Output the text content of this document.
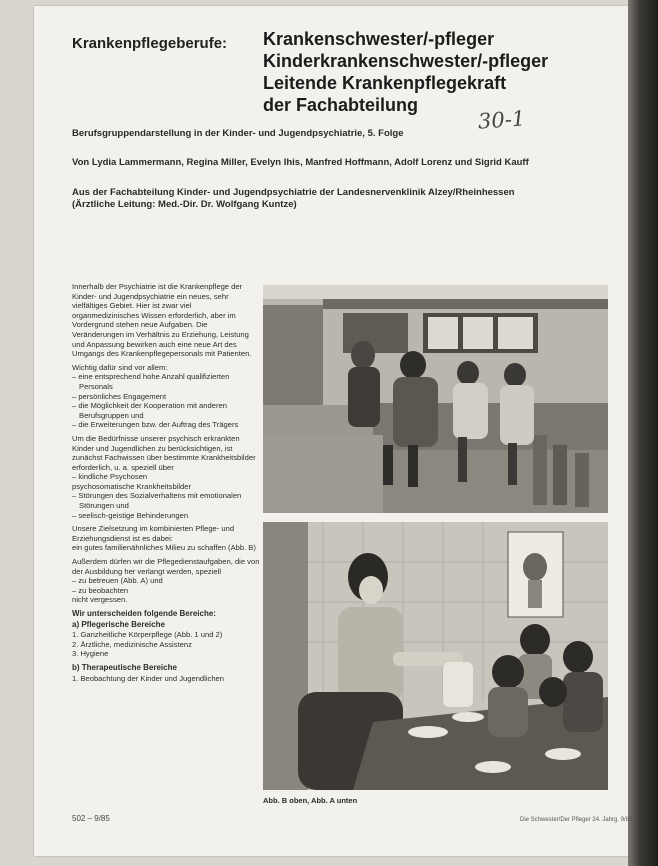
Krankenpflegeberufe: Krankenschwester/-pfleger
Kinderkrankenschwester/-pfleger
Leitende Krankenpflegekraft
der Fachabteilung
30-1
Berufsgruppendarstellung in der Kinder- und Jugendpsychiatrie, 5. Folge
Von Lydia Lammermann, Regina Miller, Evelyn Ihis, Manfred Hoffmann, Adolf Lorenz und Sigrid Kauff
Aus der Fachabteilung Kinder- und Jugendpsychiatrie der Landesnervenklinik Alzey/Rheinhessen
(Ärztliche Leitung: Med.-Dir. Dr. Wolfgang Kuntze)

Innerhalb der Psychiatrie ist die Krankenpflege der Kinder- und Jugendpsychiatrie ein neues, sehr vielfältiges Gebiet. Hier ist zwar viel organmedizinisches Wissen erforderlich, aber im Vordergrund stehen neue Aufgaben. Die Veränderungen im Verhältnis zu Erziehung, Leistung und Anpassung bewirken auch eine neue Art des Umgangs des Krankenpflegepersonals mit Patienten.

Wichtig dafür sind vor allem:

– eine entsprechend hohe Anzahl qualifizierten Personals
– persönliches Engagement
– die Möglichkeit der Kooperation mit anderen Berufsgruppen und
– die Erweiterungen bzw. der Auftrag des Trägers

Um die Bedürfnisse unserer psychisch erkrankten Kinder und Jugendlichen zu berücksichtigen, ist zunächst Fachwissen über bestimmte Krankheitsbilder erforderlich, u. a. speziell über

– kindliche Psychosen
psychosomatische Krankheitsbilder
– Störungen des Sozialverhaltens mit emotionalen Störungen und
– seelisch-geistige Behinderungen

Unsere Zielsetzung im kombinierten Pflege- und Erziehungsdienst ist es dabei:

ein gutes familienähnliches Milieu zu schaffen (Abb. B)

Außerdem dürfen wir die Pflegedienstaufgaben, die von der Ausbildung her verlangt werden, speziell

– zu betreuen (Abb. A) und
– zu beobachten

nicht vergessen.

Wir unterscheiden folgende Bereiche:
a) Pflegerische Bereiche
1. Ganzheitliche Körperpflege (Abb. 1 und 2)
2. Ärztliche, medizinische Assistenz
3. Hygiene
b) Therapeutische Bereiche
1. Beobachtung der Kinder und Jugendlichen
Abb. B oben, Abb. A unten
502 – 9/85	Die Schwester/Der Pfleger 24. Jahrg. 9/85
